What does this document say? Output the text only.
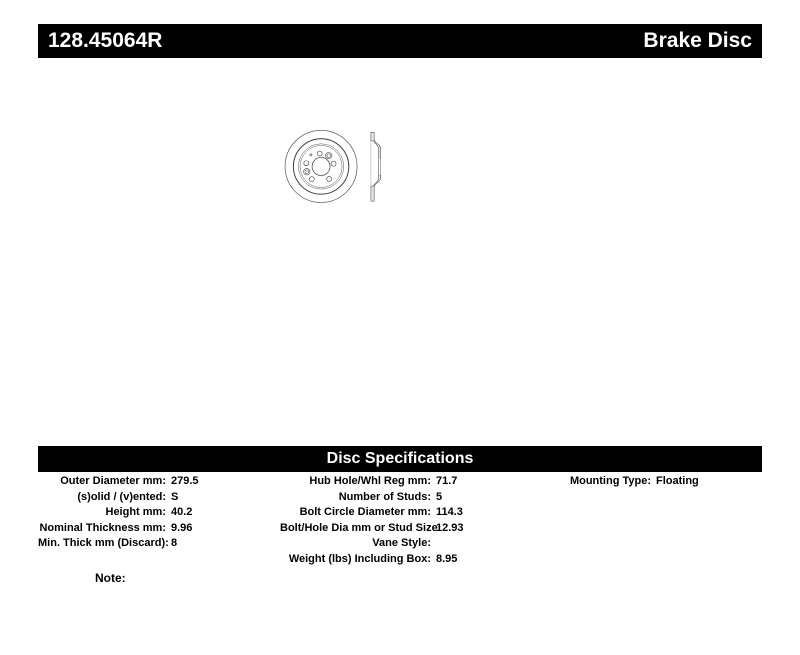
128.45064R	Brake Disc
Disc Specifications
Outer Diameter mm: 279.5
(s)olid / (v)ented: S
Height mm: 40.2
Nominal Thickness mm: 9.96
Min. Thick mm (Discard): 8
Hub Hole/Whl Reg mm: 71.7
Number of Studs: 5
Bolt Circle Diameter mm: 114.3
Bolt/Hole Dia mm or Stud Size:
12.93
Vane Style:
Weight (lbs) Including Box: 8.95
Mounting Type: Floating
Note:
